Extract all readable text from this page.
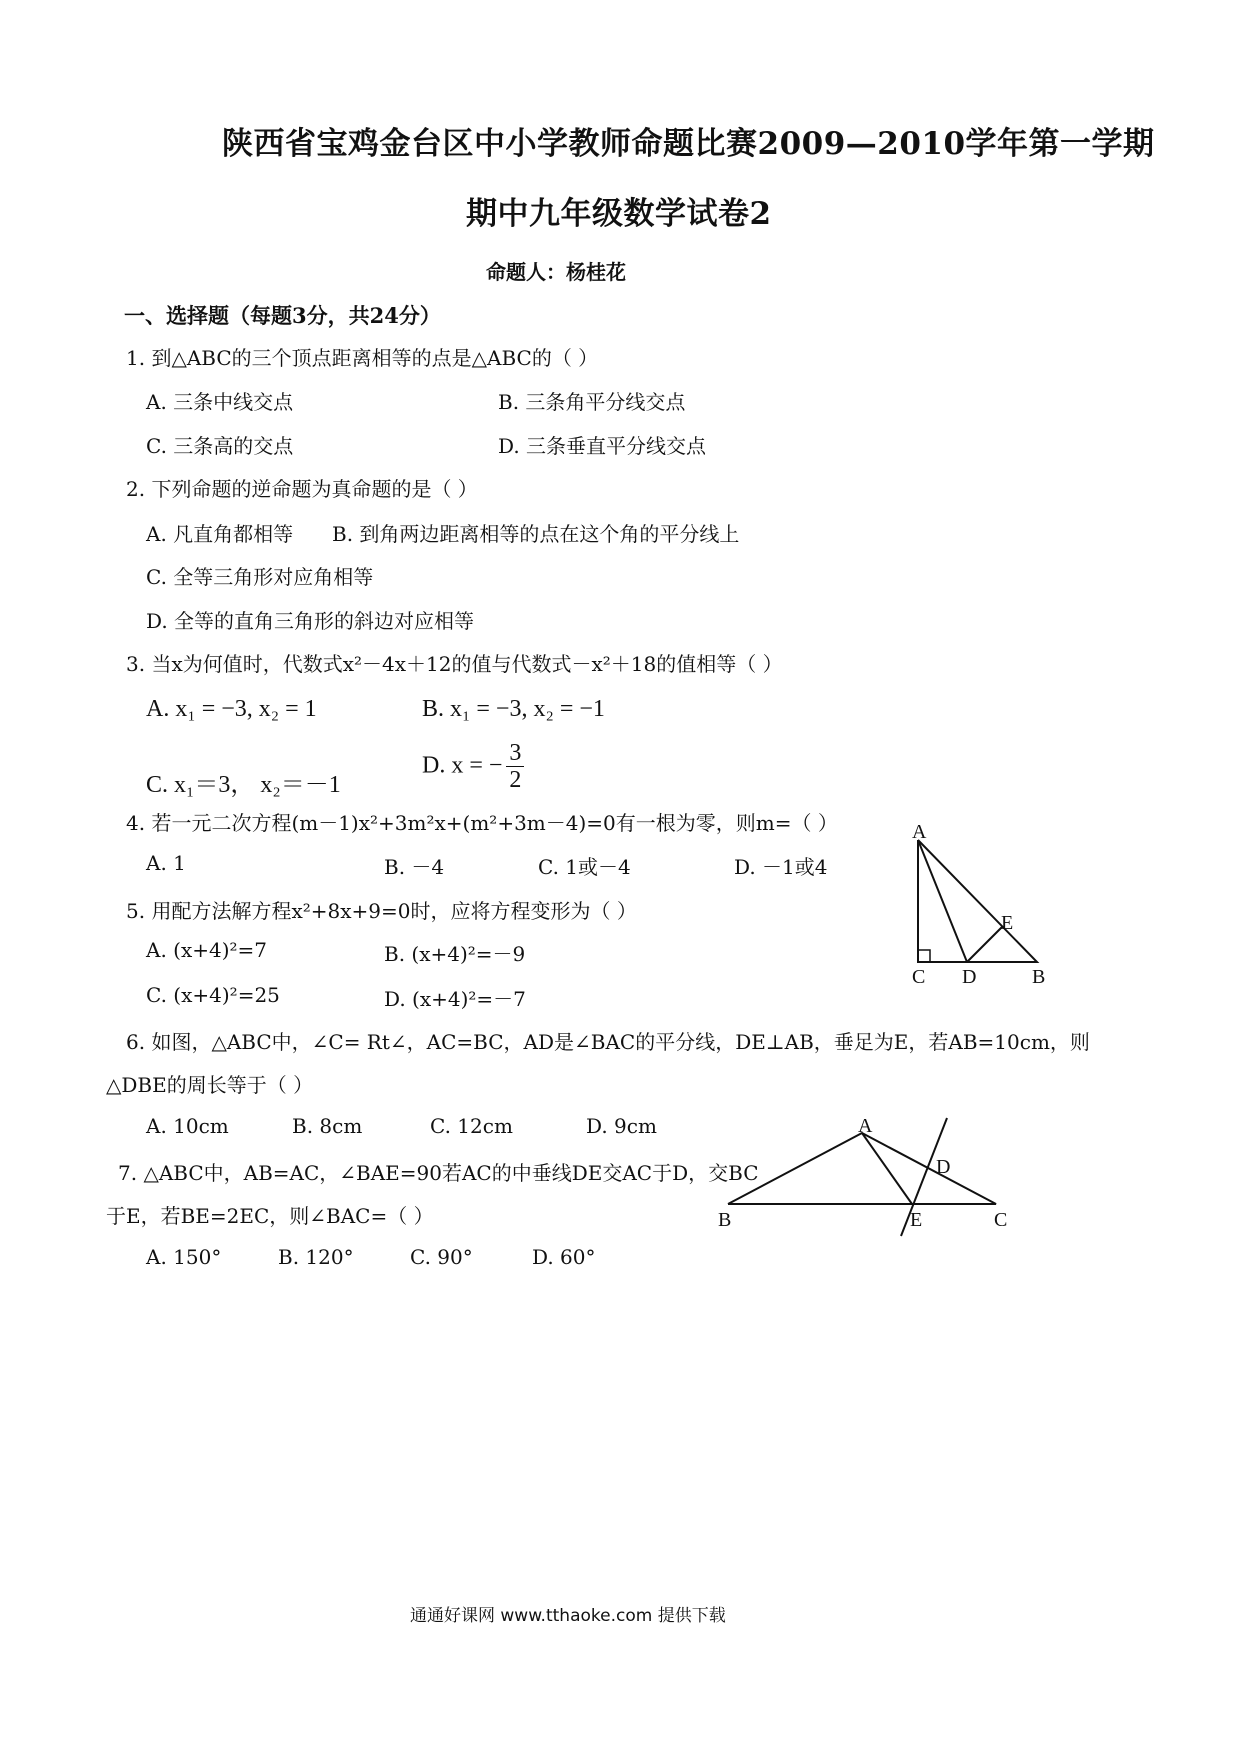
陕西省宝鸡金台区中小学教师命题比赛2009—2010学年第一学期
期中九年级数学试卷2
命题人：杨桂花
一、选择题（每题3分，共24分）
1. 到△ABC的三个顶点距离相等的点是△ABC的（ ）
A. 三条中线交点	B. 三条角平分线交点
C. 三条高的交点	D. 三条垂直平分线交点
2. 下列命题的逆命题为真命题的是（ ）
A. 凡直角都相等 B. 到角两边距离相等的点在这个角的平分线上
C. 全等三角形对应角相等
D. 全等的直角三角形的斜边对应相等
3. 当x为何值时，代数式x²－4x＋12的值与代数式－x²＋18的值相等（ ）
A. x₁ = −3, x₂ = 1	B. x₁ = −3, x₂ = −1
C. x₁＝3， x₂＝－1
D. x = − $\frac{3}{2}$
4. 若一元二次方程(m－1)x²+3m²x+(m²+3m－4)=0有一根为零，则m=（ ）
A. 1	B. －4	C. 1或－4	D. －1或4
5. 用配方法解方程x²+8x+9=0时，应将方程变形为（ ）
A. (x+4)²=7	B. (x+4)²=－9
C. (x+4)²=25	D. (x+4)²=－7
A
C D	B
E
6. 如图，△ABC中，∠C= Rt∠，AC=BC，AD是∠BAC的平分线，DE⊥AB，垂足为E，若AB=10cm，则
△DBE的周长等于（ ）
A. 10cm	B. 8cm	C. 12cm	D. 9cm	A
B	E	C
D
7. △ABC中，AB=AC，∠BAE=90若AC的中垂线DE交AC于D，交BC
于E，若BE=2EC，则∠BAC=（ ）
A. 150°	B. 120°	C. 90°	D. 60°
通通好课网 www.tthaoke.com 提供下载
